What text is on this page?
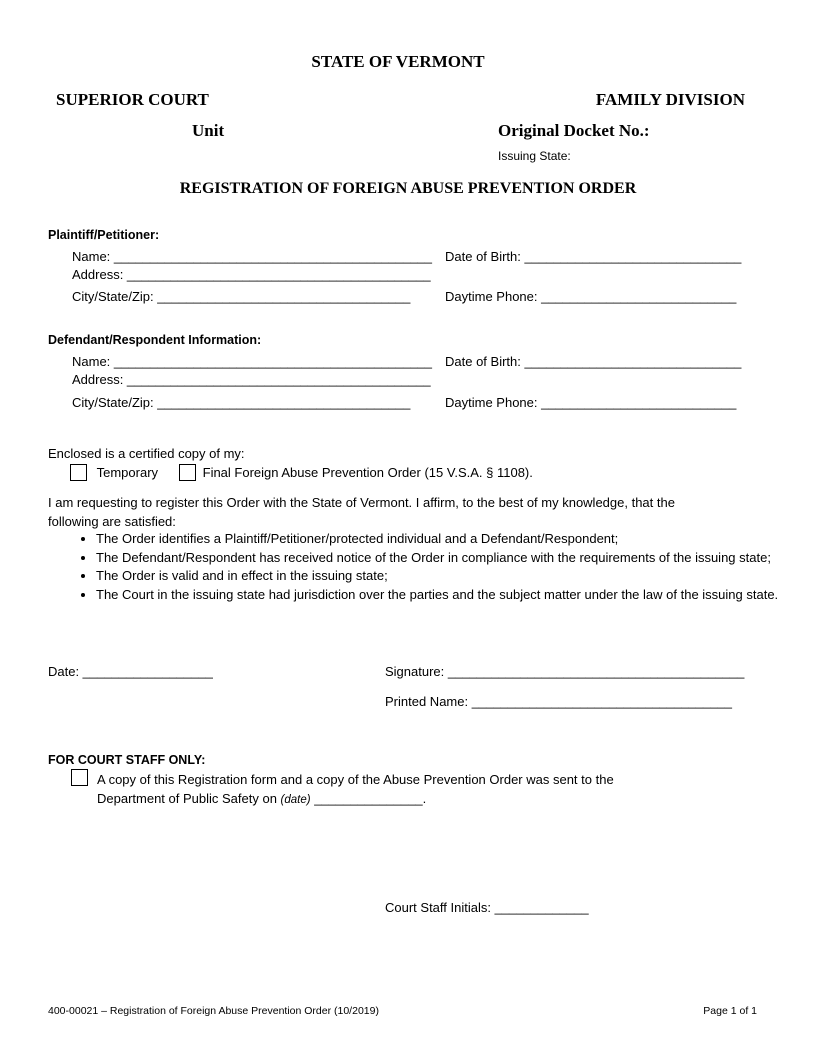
STATE OF VERMONT
SUPERIOR COURT	FAMILY DIVISION
Unit	Original Docket No.:
Issuing State:
REGISTRATION OF FOREIGN ABUSE PREVENTION ORDER
Plaintiff/Petitioner:
Name: ____________________________________________ Date of Birth: ______________________________
Address: __________________________________________
City/State/Zip: ___________________________________	Daytime Phone: ___________________________
Defendant/Respondent Information:
Name: ____________________________________________ Date of Birth: ______________________________
Address: __________________________________________
City/State/Zip: ___________________________________	Daytime Phone: ___________________________
Enclosed is a certified copy of my:
Temporary	Final Foreign Abuse Prevention Order (15 V.S.A. § 1108).
I am requesting to register this Order with the State of Vermont. I affirm, to the best of my knowledge, that the
following are satisfied:
• The Order identifies a Plaintiff/Petitioner/protected individual and a Defendant/Respondent;
• The Defendant/Respondent has received notice of the Order in compliance with the requirements of the issuing state;
• The Order is valid and in effect in the issuing state;
• The Court in the issuing state had jurisdiction over the parties and the subject matter under the law of the issuing state.
Date: __________________	Signature: _________________________________________
Printed Name: ____________________________________
FOR COURT STAFF ONLY:
A copy of this Registration form and a copy of the Abuse Prevention Order was sent to the
Department of Public Safety on (date) _______________.
Court Staff Initials: _____________
400-00021 – Registration of Foreign Abuse Prevention Order (10/2019)	Page 1 of 1
